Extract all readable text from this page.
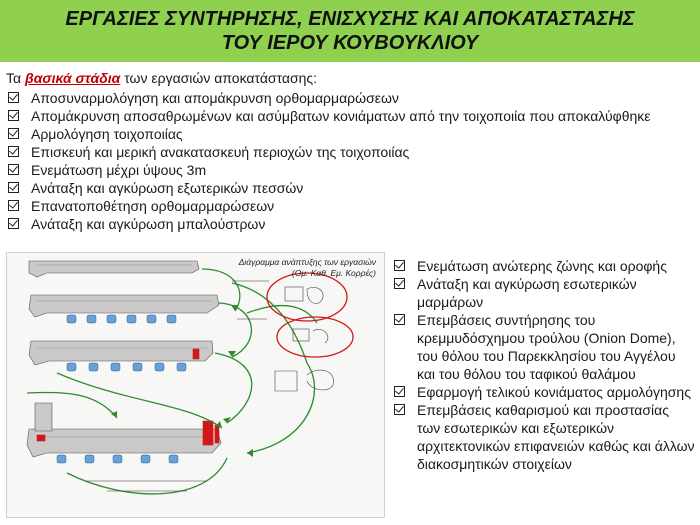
ΕΡΓΑΣΙΕΣ ΣΥΝΤΗΡΗΣΗΣ, ΕΝΙΣΧΥΣΗΣ ΚΑΙ ΑΠΟΚΑΤΑΣΤΑΣΗΣ
ΤΟΥ ΙΕΡΟΥ ΚΟΥΒΟΥΚΛΙΟΥ
Τα βασικά στάδια των εργασιών αποκατάστασης:
Αποσυναρμολόγηση και απομάκρυνση ορθομαρμαρώσεων
Απομάκρυνση αποσαθρωμένων και ασύμβατων κονιάματων από την τοιχοποιία που αποκαλύφθηκε
Αρμολόγηση τοιχοποιίας
Επισκευή και μερική ανακατασκευή περιοχών της τοιχοποιίας
Ενεμάτωση μέχρι ύψους 3m
Ανάταξη και αγκύρωση εξωτερικών πεσσών
Επανατοποθέτηση ορθομαρμαρώσεων
Ανάταξη και αγκύρωση μπαλούστρων
Διάγραμμα ανάπτυξης των εργασιών
(Ομ. Καθ. Εμ. Κορρές)	Ενεμάτωση ανώτερης ζώνης και οροφής
Ανάταξη και αγκύρωση εσωτερικών μαρμάρων
Επεμβάσεις συντήρησης του κρεμμυδόσχημου τρούλου (Onion Dome), του θόλου του Παρεκκλησίου του Αγγέλου και του θόλου του ταφικού θαλάμου
Εφαρμογή τελικού κονιάματος αρμολόγησης
Επεμβάσεις καθαρισμού και προστασίας των εσωτερικών και εξωτερικών αρχιτεκτονικών επιφανειών καθώς και άλλων διακοσμητικών στοιχείων
